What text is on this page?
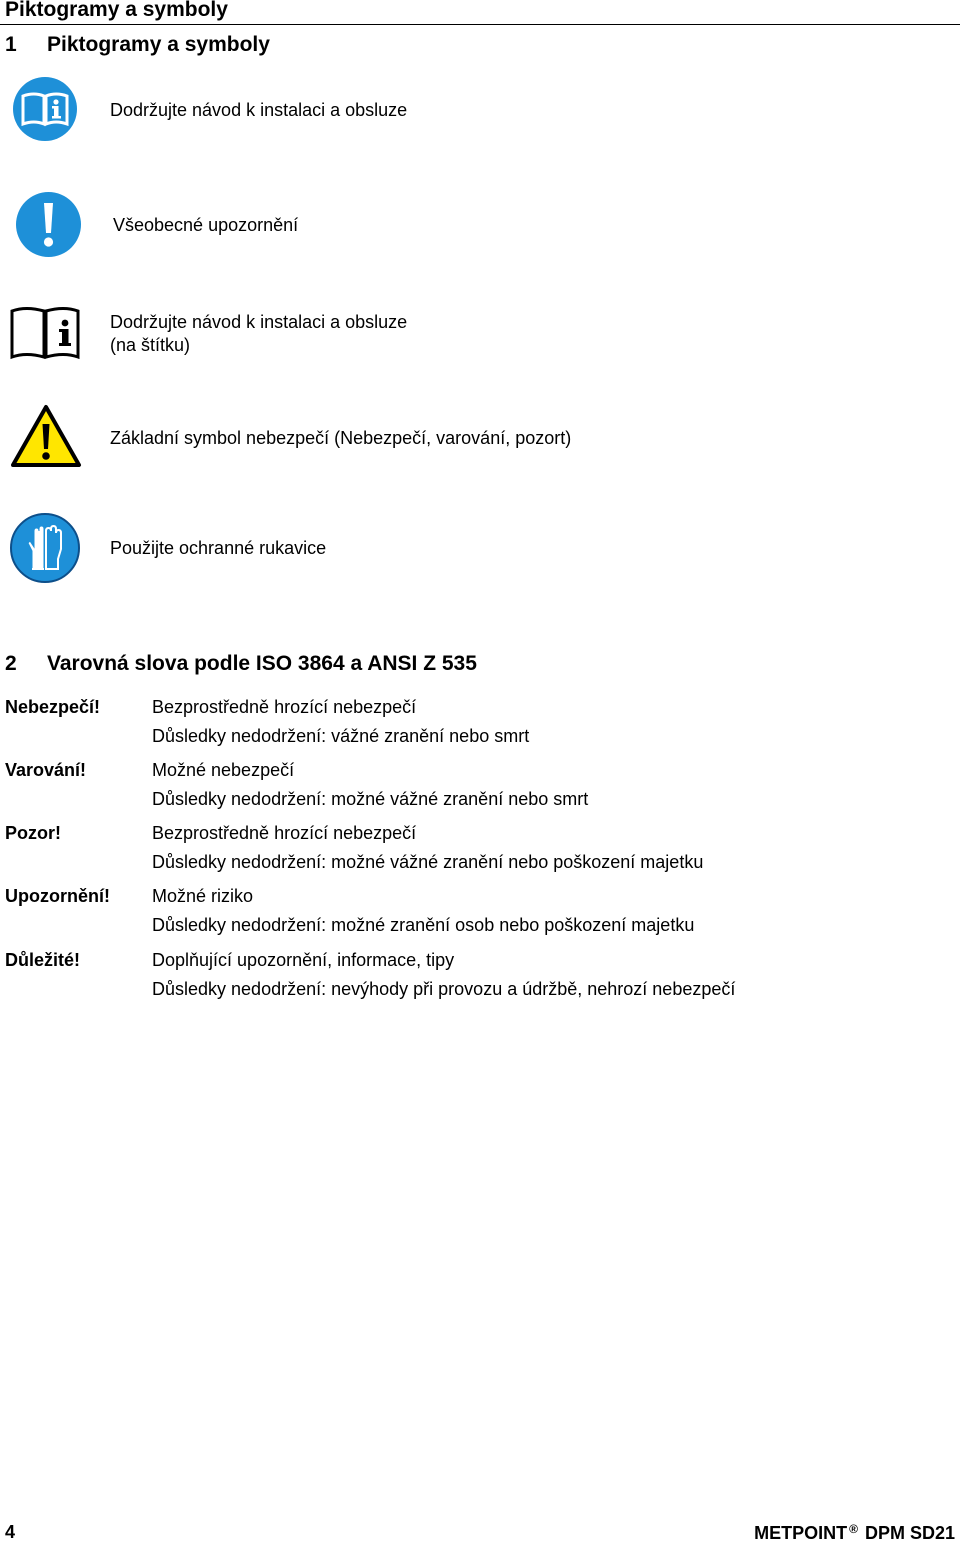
Piktogramy a symboly
1 Piktogramy a symboly
Dodržujte návod k instalaci a obsluze
Všeobecné upozornění
Dodržujte návod k instalaci a obsluze
(na štítku)
Základní symbol nebezpečí (Nebezpečí, varování, pozort)
Použijte ochranné rukavice
2 Varovná slova podle ISO 3864 a ANSI Z 535
Nebezpečí!	Bezprostředně hrozící nebezpečí
Důsledky nedodržení: vážné zranění nebo smrt
Varování!	Možné nebezpečí
Důsledky nedodržení: možné vážné zranění nebo smrt
Pozor!	Bezprostředně hrozící nebezpečí
Důsledky nedodržení: možné vážné zranění nebo poškození majetku
Upozornění! Možné riziko
Důsledky nedodržení: možné zranění osob nebo poškození majetku
Důležité!	Doplňující upozornění, informace, tipy
Důsledky nedodržení: nevýhody při provozu a údržbě, nehrozí nebezpečí
4	METPOINT ® DPM SD21
